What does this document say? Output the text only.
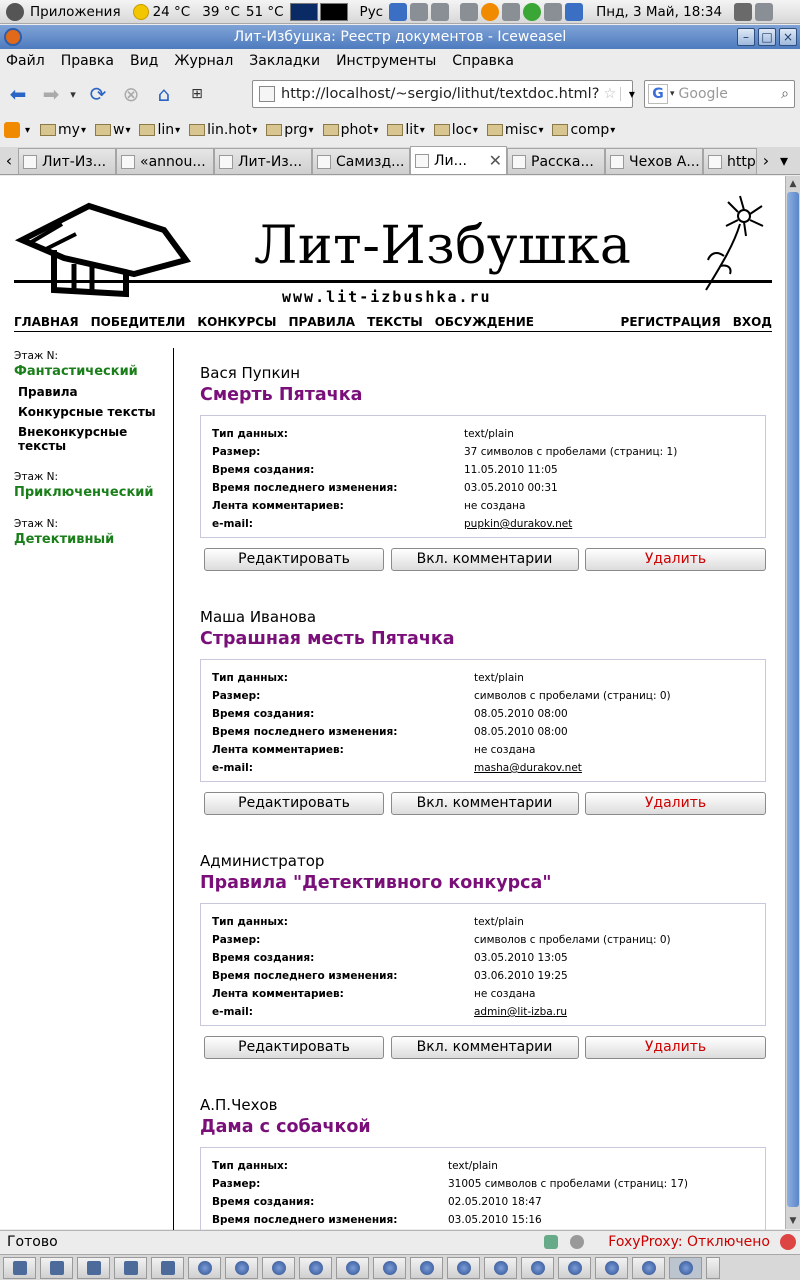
Приложения 24 °C 39 °C 51 °C	Рус	Пнд, 3 Май, 18:34
Лит-Избушка: Реестр документов - Iceweasel	–	□ ×
Файл Правка Вид Журнал Закладки Инструменты Справка
⬅ ➡ ▾ ⟳ ⊗ ⌂	⊞	http://localhost/~sergio/lithut/textdoc.html? ☆	▾	G ▾ Google	⌕
▾ my ▾ w ▾ lin ▾ lin.hot ▾ prg ▾ phot ▾ lit ▾ loc ▾ misc ▾ comp ▾
‹	Лит-Из... «annou... Лит-Из... Самизд... Ли... ✕ Расска...	Чехов А... http › ▾
Лит-Избушка
www.lit-izbushka.ru
ГЛАВНАЯ ПОБЕДИТЕЛИ КОНКУРСЫ ПРАВИЛА ТЕКСТЫ ОБСУЖДЕНИЕ	РЕГИСТРАЦИЯ ВХОД
Этаж N:
Фантастический
Правила
Конкурсные тексты
Внеконкурсные тексты
Этаж N:
Приключенческий
Этаж N:
Детективный
Вася Пупкин
Смерть Пятачка
Тип данных:	text/plain
Размер:	37 символов с пробелами (страниц: 1)
Время создания:	11.05.2010 11:05
Время последнего изменения:	03.05.2010 00:31
Лента комментариев:	не создана
e-mail:	pupkin@durakov.net
Редактировать	Вкл. комментарии	Удалить
Маша Иванова
Страшная месть Пятачка
Тип данных:	text/plain
Размер:	символов с пробелами (страниц: 0)
Время создания:	08.05.2010 08:00
Время последнего изменения:	08.05.2010 08:00
Лента комментариев:	не создана
e-mail:	masha@durakov.net
Редактировать	Вкл. комментарии	Удалить
Администратор
Правила "Детективного конкурса"
Тип данных:	text/plain
Размер:	символов с пробелами (страниц: 0)
Время создания:	03.05.2010 13:05
Время последнего изменения:	03.06.2010 19:25
Лента комментариев:	не создана
e-mail:	admin@lit-izba.ru
Редактировать	Вкл. комментарии	Удалить
А.П.Чехов
Дама с собачкой
Тип данных:	text/plain
Размер:	31005 символов с пробелами (страниц: 17)
Время создания:	02.05.2010 18:47
Время последнего изменения:	03.05.2010 15:16
▲
▼
Готово	FoxyProxy: Отключено
